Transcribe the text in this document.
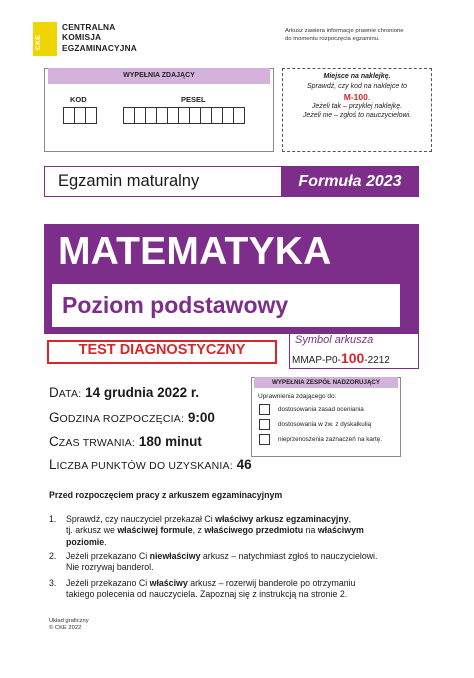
CKE
CENTRALNA
KOMISJA
EGZAMINACYJNA
Arkusz zawiera informacje prawnie chronione
do momentu rozpoczęcia egzaminu.
WYPEŁNIA ZDAJĄCY
KOD	PESEL
Miejsce na naklejkę.
Sprawdź, czy kod na naklejce to
Jeżeli tak – przyklej naklejkę.
Jeżeli nie – zgłoś to nauczycielowi.
M-100.
Egzamin maturalny	Formuła 2023
MATEMATYKA
Poziom podstawowy
TEST DIAGNOSTYCZNY
Symbol arkusza
MMAP-P0-100-2212
DATA: 14 grudnia 2022 r.
GODZINA ROZPOCZĘCIA: 9:00
CZAS TRWANIA: 180 minut
LICZBA PUNKTÓW DO UZYSKANIA: 46
WYPEŁNIA ZESPÓŁ NADZORUJĄCY
Uprawnienia zdającego do:
dostosowania zasad oceniania
dostosowania w zw. z dyskalkulią
nieprzenoszenia zaznaczeń na kartę.
Przed rozpoczęciem pracy z arkuszem egzaminacyjnym
1. Sprawdź, czy nauczyciel przekazał Ci właściwy arkusz egzaminacyjny,
tj. arkusz we właściwej formule, z właściwego przedmiotu na właściwym
poziomie.
2. Jeżeli przekazano Ci niewłaściwy arkusz – natychmiast zgłoś to nauczycielowi.
Nie rozrywaj banderol.
3. Jeżeli przekazano Ci właściwy arkusz – rozerwij banderole po otrzymaniu
takiego polecenia od nauczyciela. Zapoznaj się z instrukcją na stronie 2.
Układ graficzny
© CKE 2022
